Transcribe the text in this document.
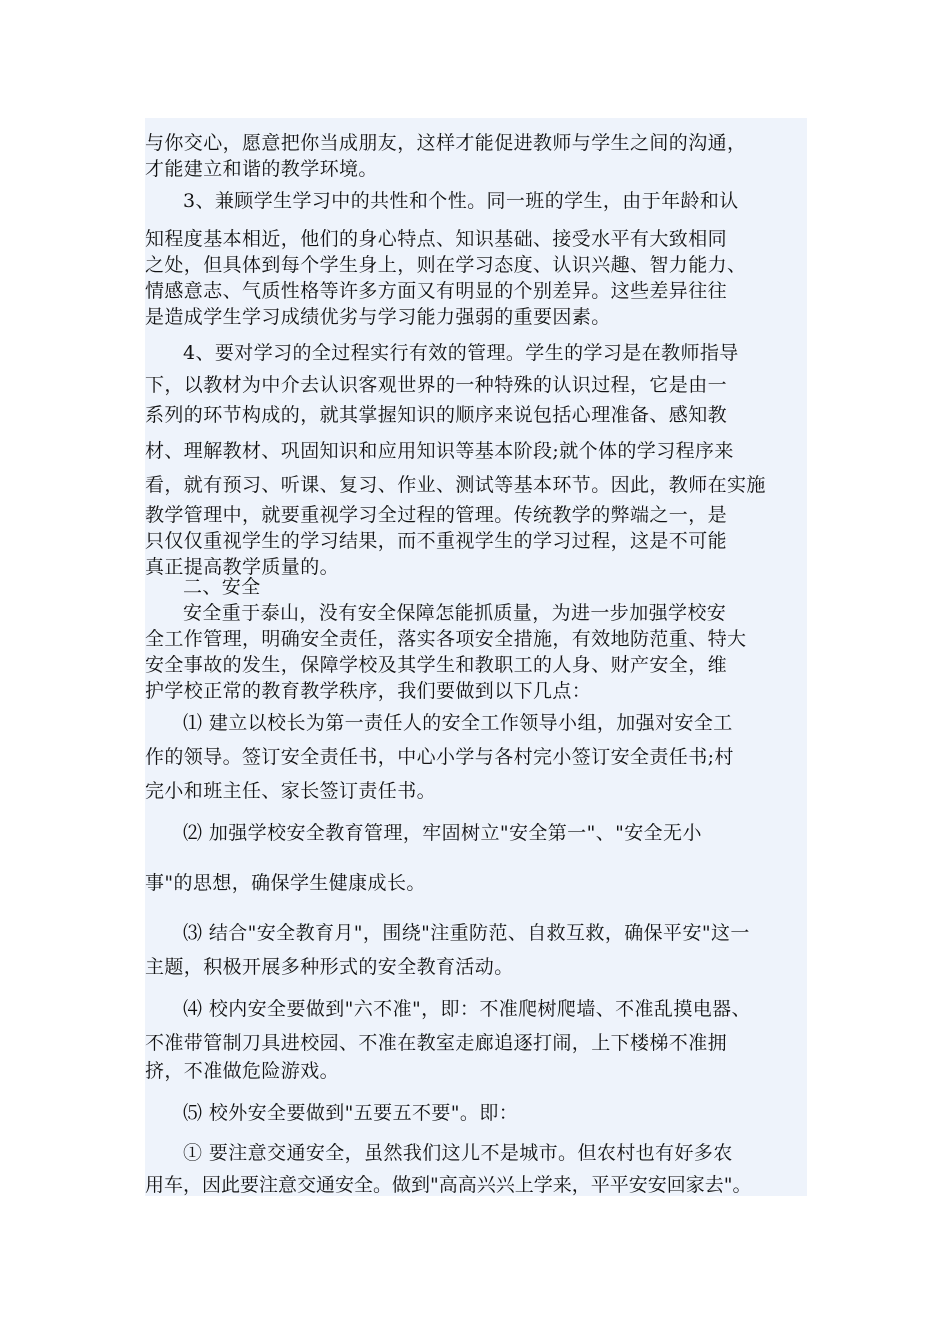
与你交心，愿意把你当成朋友，这样才能促进教师与学生之间的沟通，
才能建立和谐的教学环境。
3、兼顾学生学习中的共性和个性。同一班的学生，由于年龄和认
知程度基本相近，他们的身心特点、知识基础、接受水平有大致相同
之处，但具体到每个学生身上，则在学习态度、认识兴趣、智力能力、
情感意志、气质性格等许多方面又有明显的个别差异。这些差异往往
是造成学生学习成绩优劣与学习能力强弱的重要因素。
4、要对学习的全过程实行有效的管理。学生的学习是在教师指导
下，以教材为中介去认识客观世界的一种特殊的认识过程，它是由一
系列的环节构成的，就其掌握知识的顺序来说包括心理准备、感知教
材、理解教材、巩固知识和应用知识等基本阶段;就个体的学习程序来
看，就有预习、听课、复习、作业、测试等基本环节。因此，教师在实施
教学管理中，就要重视学习全过程的管理。传统教学的弊端之一，是
只仅仅重视学生的学习结果，而不重视学生的学习过程，这是不可能
真正提高教学质量的。
二、安全
安全重于泰山，没有安全保障怎能抓质量，为进一步加强学校安
全工作管理，明确安全责任，落实各项安全措施，有效地防范重、特大
安全事故的发生，保障学校及其学生和教职工的人身、财产安全，维
护学校正常的教育教学秩序，我们要做到以下几点：
⑴ 建立以校长为第一责任人的安全工作领导小组，加强对安全工
作的领导。签订安全责任书，中心小学与各村完小签订安全责任书;村
完小和班主任、家长签订责任书。
⑵ 加强学校安全教育管理，牢固树立"安全第一"、"安全无小
事"的思想，确保学生健康成长。
⑶ 结合"安全教育月"，围绕"注重防范、自救互救，确保平安"这一
主题，积极开展多种形式的安全教育活动。
⑷ 校内安全要做到"六不准"，即：不准爬树爬墙、不准乱摸电器、
不准带管制刀具进校园、不准在教室走廊追逐打闹，上下楼梯不准拥
挤，不准做危险游戏。
⑸ 校外安全要做到"五要五不要"。即：
① 要注意交通安全，虽然我们这儿不是城市。但农村也有好多农
用车，因此要注意交通安全。做到"高高兴兴上学来，平平安安回家去"。
